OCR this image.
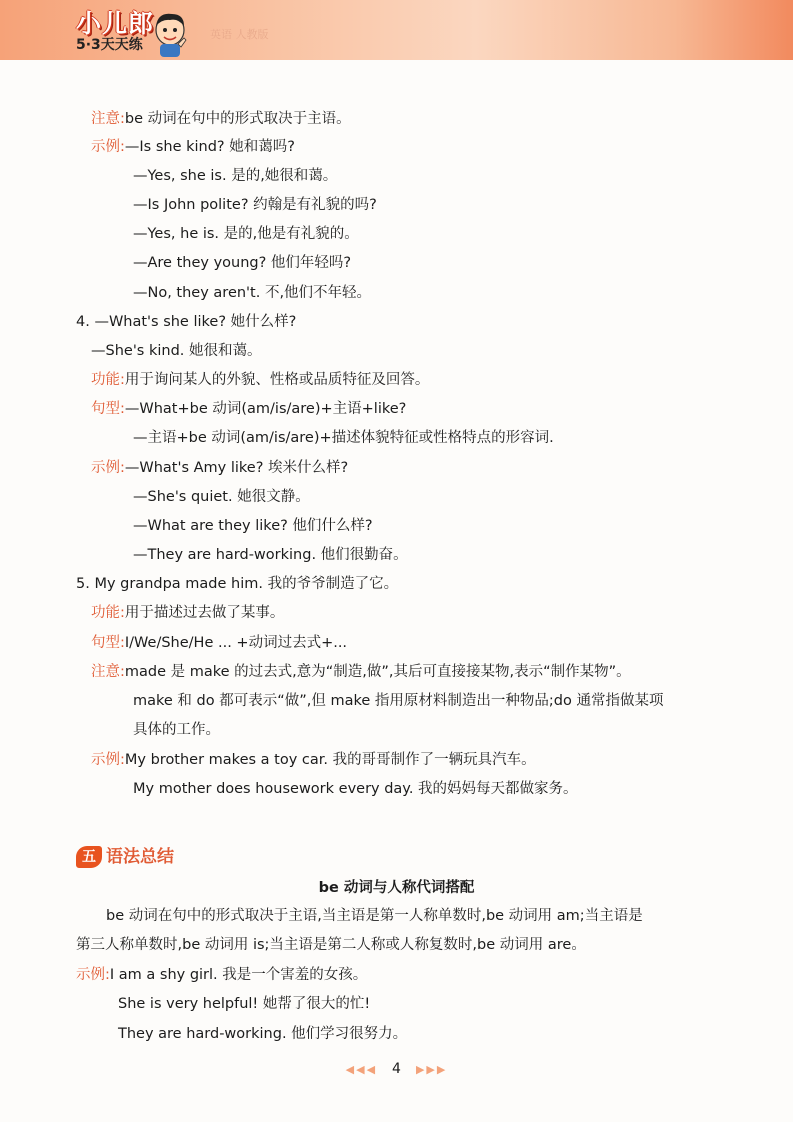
小儿郎
5·3天天练
英语 人教版
注意:be 动词在句中的形式取决于主语。
示例:—Is she kind? 她和蔼吗?
—Yes, she is. 是的,她很和蔼。
—Is John polite? 约翰是有礼貌的吗?
—Yes, he is. 是的,他是有礼貌的。
—Are they young? 他们年轻吗?
—No, they aren't. 不,他们不年轻。
4. —What's she like? 她什么样?
—She's kind. 她很和蔼。
功能:用于询问某人的外貌、性格或品质特征及回答。
句型:—What+be 动词(am/is/are)+主语+like?
—主语+be 动词(am/is/are)+描述体貌特征或性格特点的形容词.
示例:—What's Amy like? 埃米什么样?
—She's quiet. 她很文静。
—What are they like? 他们什么样?
—They are hard-working. 他们很勤奋。
5. My grandpa made him. 我的爷爷制造了它。
功能:用于描述过去做了某事。
句型:I/We/She/He ... +动词过去式+...
注意:made 是 make 的过去式,意为“制造,做”,其后可直接接某物,表示“制作某物”。
make 和 do 都可表示“做”,但 make 指用原材料制造出一种物品;do 通常指做某项
具体的工作。
示例:My brother makes a toy car. 我的哥哥制作了一辆玩具汽车。
My mother does housework every day. 我的妈妈每天都做家务。
五 语法总结
be 动词与人称代词搭配
be 动词在句中的形式取决于主语,当主语是第一人称单数时,be 动词用 am;当主语是
第三人称单数时,be 动词用 is;当主语是第二人称或人称复数时,be 动词用 are。
示例:I am a shy girl. 我是一个害羞的女孩。
She is very helpful! 她帮了很大的忙!
They are hard-working. 他们学习很努力。
◀◀◀ 4 ▶▶▶
